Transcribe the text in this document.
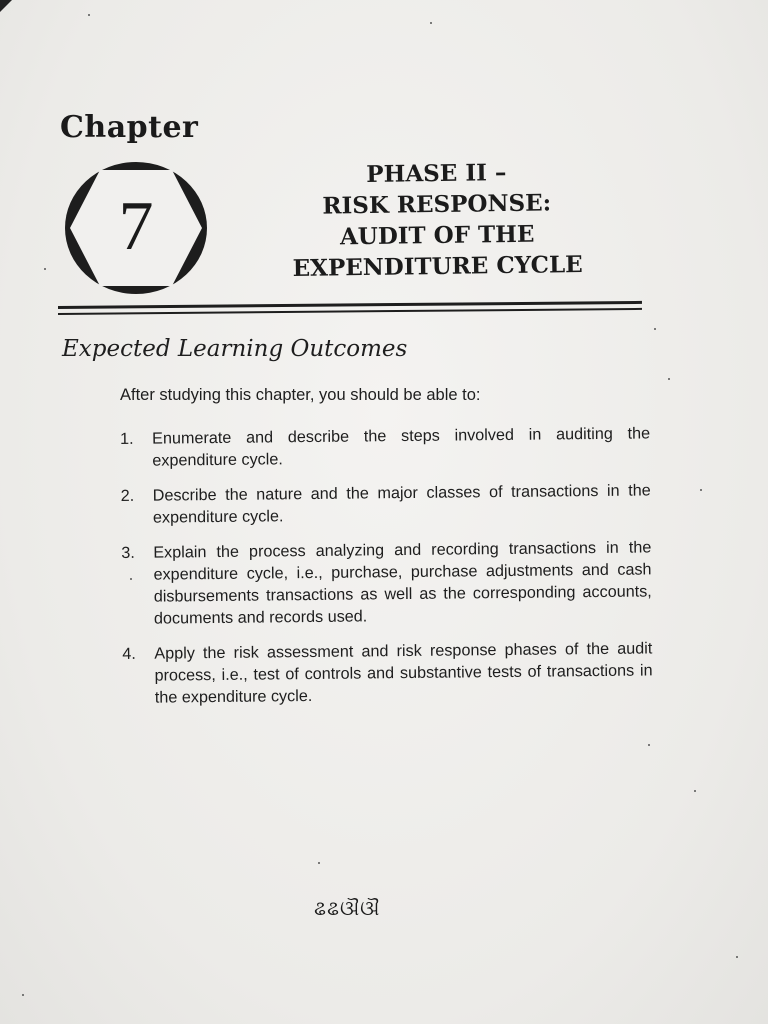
Chapter
7
PHASE II –
RISK RESPONSE:
AUDIT OF THE
EXPENDITURE CYCLE
Expected Learning Outcomes
After studying this chapter, you should be able to:
1.	Enumerate and describe the steps involved in auditing the expenditure cycle.
2.	Describe the nature and the major classes of transactions in the expenditure cycle.
3.	Explain the process analyzing and recording transactions in the expenditure cycle, i.e., purchase, purchase adjustments and cash disbursements transactions as well as the corresponding accounts, documents and records used.
4.	Apply the risk assessment and risk response phases of the audit process, i.e., test of controls and substantive tests of transactions in the expenditure cycle.
ଌଌଔଔ
